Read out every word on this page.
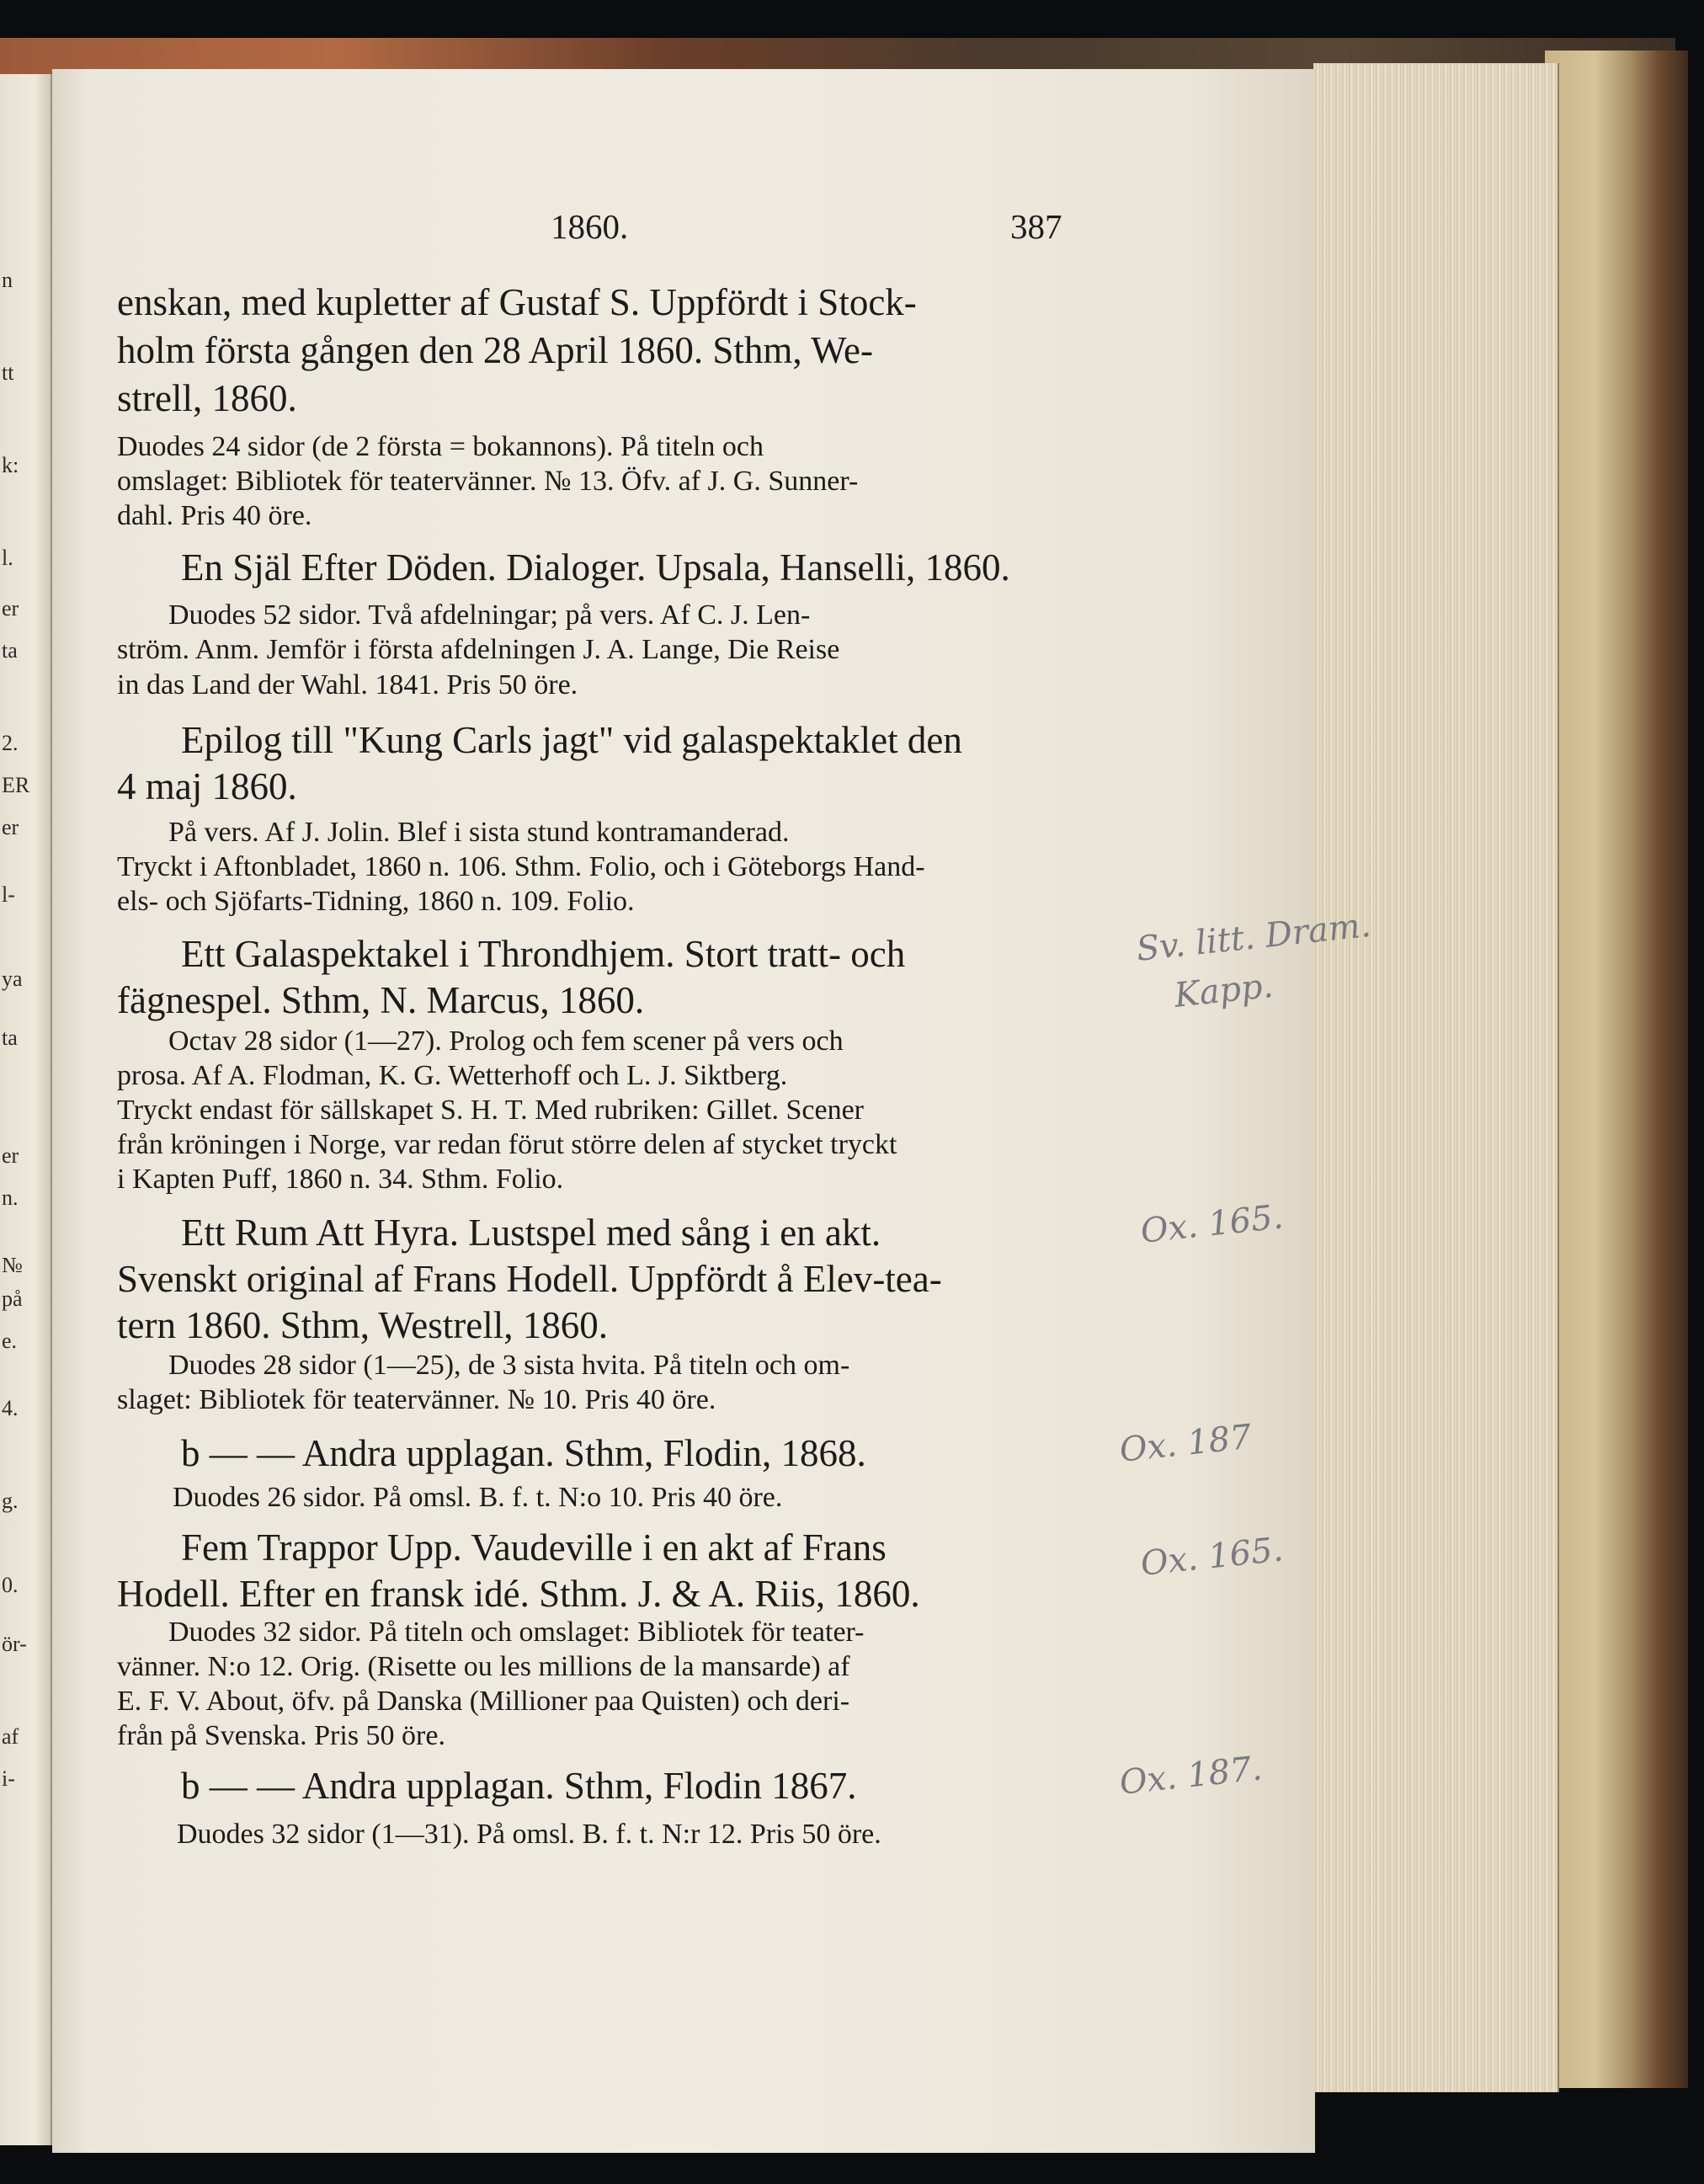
n
tt
k:
l.
er
ta
2.
ER
er
l-
ya
ta
er
n.
№
på
e.
4.
g.
0.
ör-
af
i-
1860.	387

enskan, med kupletter af Gustaf S. Uppfördt i Stock-

holm första gången den 28 April 1860. Sthm, We-

strell, 1860.

Duodes 24 sidor (de 2 första = bokannons). På titeln och

omslaget: Bibliotek för teatervänner. № 13. Öfv. af J. G. Sunner-

dahl. Pris 40 öre.

En Själ Efter Döden. Dialoger. Upsala, Hanselli, 1860.

Duodes 52 sidor. Två afdelningar; på vers. Af C. J. Len-

ström. Anm. Jemför i första afdelningen J. A. Lange, Die Reise

in das Land der Wahl. 1841. Pris 50 öre.

Epilog till "Kung Carls jagt" vid galaspektaklet den

4 maj 1860.

På vers. Af J. Jolin. Blef i sista stund kontramanderad.

Tryckt i Aftonbladet, 1860 n. 106. Sthm. Folio, och i Göteborgs Hand-

els- och Sjöfarts-Tidning, 1860 n. 109. Folio.

Ett Galaspektakel i Throndhjem. Stort tratt- och

fägnespel. Sthm, N. Marcus, 1860.

Octav 28 sidor (1—27). Prolog och fem scener på vers och

prosa. Af A. Flodman, K. G. Wetterhoff och L. J. Siktberg.

Tryckt endast för sällskapet S. H. T. Med rubriken: Gillet. Scener

från kröningen i Norge, var redan förut större delen af stycket tryckt

i Kapten Puff, 1860 n. 34. Sthm. Folio.

Ett Rum Att Hyra. Lustspel med sång i en akt.

Svenskt original af Frans Hodell. Uppfördt å Elev-tea-

tern 1860. Sthm, Westrell, 1860.

Duodes 28 sidor (1—25), de 3 sista hvita. På titeln och om-

slaget: Bibliotek för teatervänner. № 10. Pris 40 öre.

b — — Andra upplagan. Sthm, Flodin, 1868.

Duodes 26 sidor. På omsl. B. f. t. N:o 10. Pris 40 öre.

Fem Trappor Upp. Vaudeville i en akt af Frans

Hodell. Efter en fransk idé. Sthm. J. & A. Riis, 1860.

Duodes 32 sidor. På titeln och omslaget: Bibliotek för teater-

vänner. N:o 12. Orig. (Risette ou les millions de la mansarde) af

E. F. V. About, öfv. på Danska (Millioner paa Quisten) och deri-

från på Svenska. Pris 50 öre.

b — — Andra upplagan. Sthm, Flodin 1867.

Duodes 32 sidor (1—31). På omsl. B. f. t. N:r 12. Pris 50 öre.

Sv. litt. Dram.
Kapp.
Ox. 165.
Ox. 187
Ox. 165.
Ox. 187.
